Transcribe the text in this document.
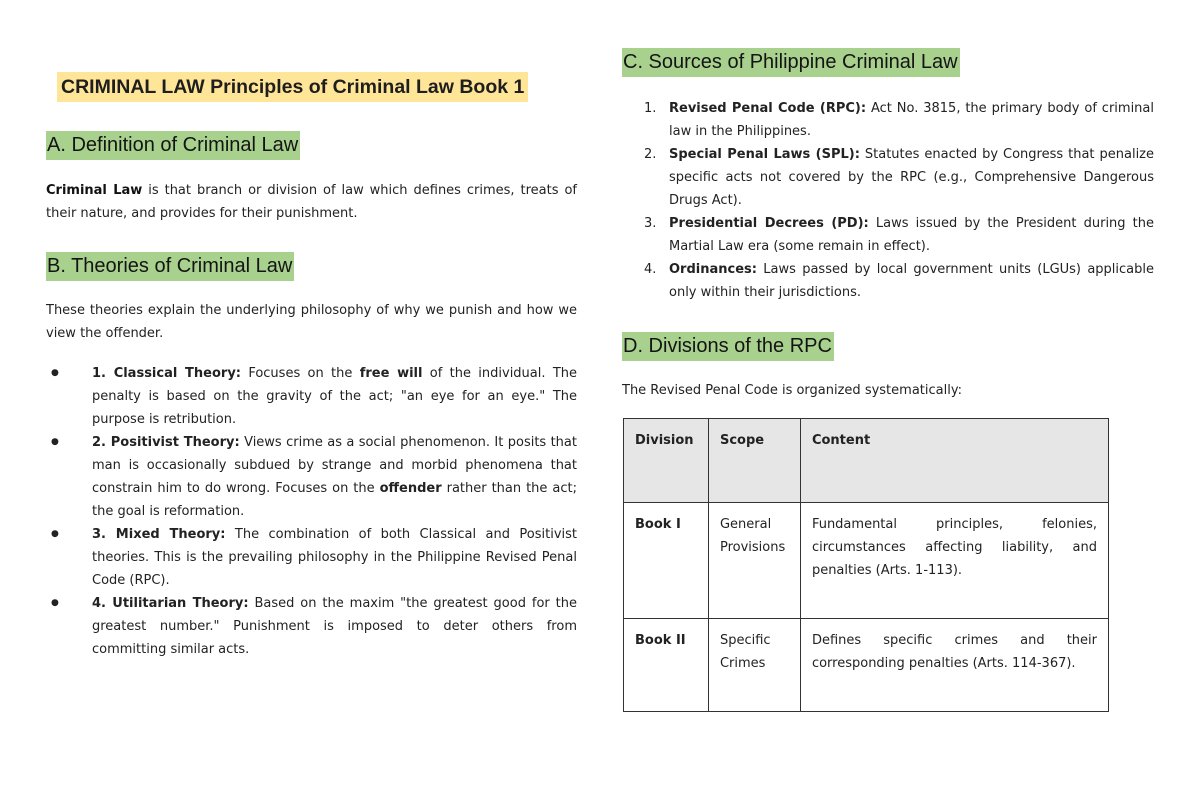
CRIMINAL LAW Principles of Criminal Law Book 1
A. Definition of Criminal Law
Criminal Law is that branch or division of law which defines crimes, treats of their nature, and provides for their punishment.
B. Theories of Criminal Law
These theories explain the underlying philosophy of why we punish and how we view the offender.
● 1. Classical Theory: Focuses on the free will of the individual. The penalty is based on the gravity of the act; "an eye for an eye." The purpose is retribution.
● 2. Positivist Theory: Views crime as a social phenomenon. It posits that man is occasionally subdued by strange and morbid phenomena that constrain him to do wrong. Focuses on the offender rather than the act; the goal is reformation.
● 3. Mixed Theory: The combination of both Classical and Positivist theories. This is the prevailing philosophy in the Philippine Revised Penal Code (RPC).
● 4. Utilitarian Theory: Based on the maxim "the greatest good for the greatest number." Punishment is imposed to deter others from committing similar acts.
C. Sources of Philippine Criminal Law
1. Revised Penal Code (RPC): Act No. 3815, the primary body of criminal law in the Philippines.
2. Special Penal Laws (SPL): Statutes enacted by Congress that penalize specific acts not covered by the RPC (e.g., Comprehensive Dangerous Drugs Act).
3. Presidential Decrees (PD): Laws issued by the President during the Martial Law era (some remain in effect).
4. Ordinances: Laws passed by local government units (LGUs) applicable only within their jurisdictions.
D. Divisions of the RPC
The Revised Penal Code is organized systematically:
Division	Scope	Content
Book I	General Provisions	Fundamental principles, felonies, circumstances affecting liability, and penalties (Arts. 1-113).
Book II	Specific Crimes	Defines specific crimes and their corresponding penalties (Arts. 114-367).
